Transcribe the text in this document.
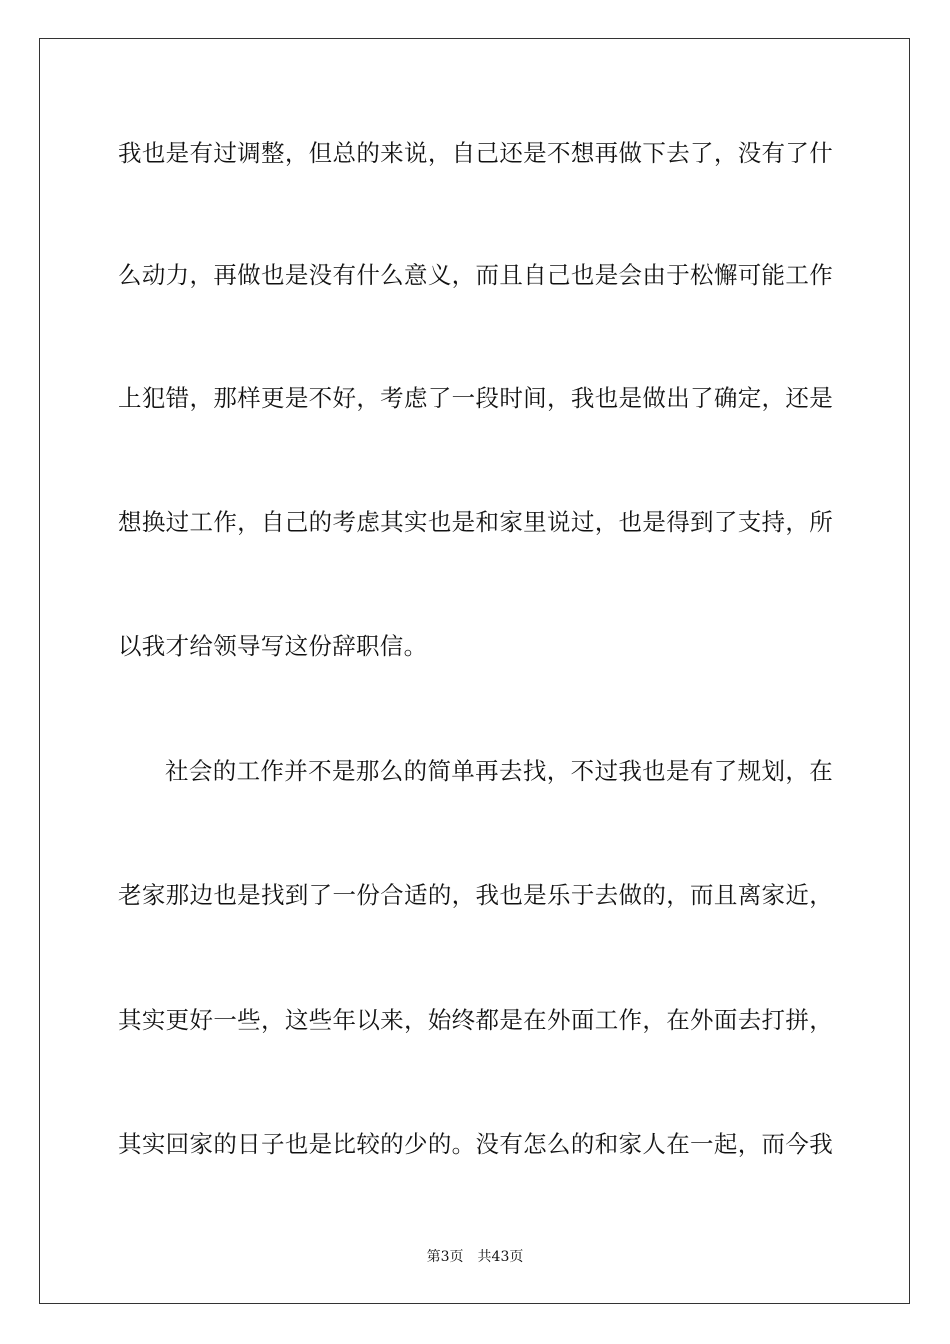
我也是有过调整，但总的来说，自己还是不想再做下去了，没有了什
么动力，再做也是没有什么意义，而且自己也是会由于松懈可能工作
上犯错，那样更是不好，考虑了一段时间，我也是做出了确定，还是
想换过工作，自己的考虑其实也是和家里说过，也是得到了支持，所
以我才给领导写这份辞职信。
社会的工作并不是那么的简单再去找，不过我也是有了规划，在
老家那边也是找到了一份合适的，我也是乐于去做的，而且离家近，
其实更好一些，这些年以来，始终都是在外面工作，在外面去打拼，
其实回家的日子也是比较的少的。没有怎么的和家人在一起，而今我
第3页 共43页
